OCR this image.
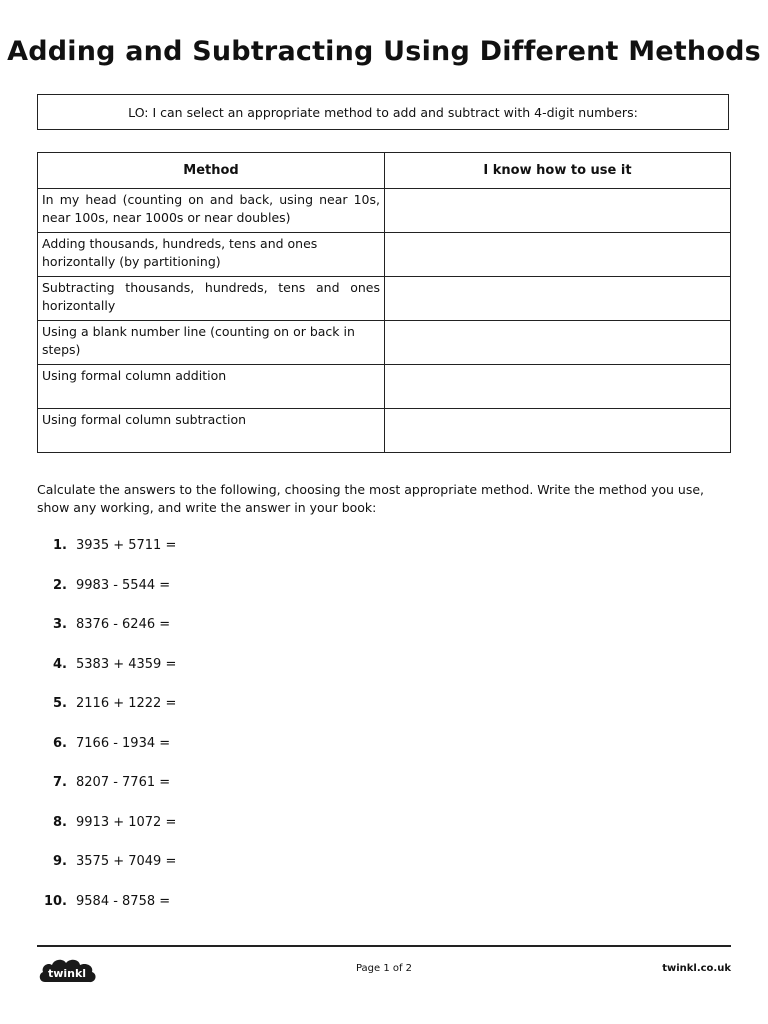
Adding and Subtracting Using Different Methods
LO: I can select an appropriate method to add and subtract with 4-digit numbers:
Method	I know how to use it
In my head (counting on and back, using near 10s, near 100s, near 1000s or near doubles)	
Adding thousands, hundreds, tens and ones horizontally (by partitioning)	
Subtracting thousands, hundreds, tens and ones horizontally	
Using a blank number line (counting on or back in steps)	
Using formal column addition	
Using formal column subtraction	
Calculate the answers to the following, choosing the most appropriate method. Write the method you use, show any working, and write the answer in your book:
1. 3935 + 5711 =
2. 9983 - 5544 =
3. 8376 - 6246 =
4. 5383 + 4359 =
5. 2116 + 1222 =
6. 7166 - 1934 =
7. 8207 - 7761 =
8. 9913 + 1072 =
9. 3575 + 7049 =
10. 9584 - 8758 =
twinkl	Page 1 of 2	twinkl.co.uk
